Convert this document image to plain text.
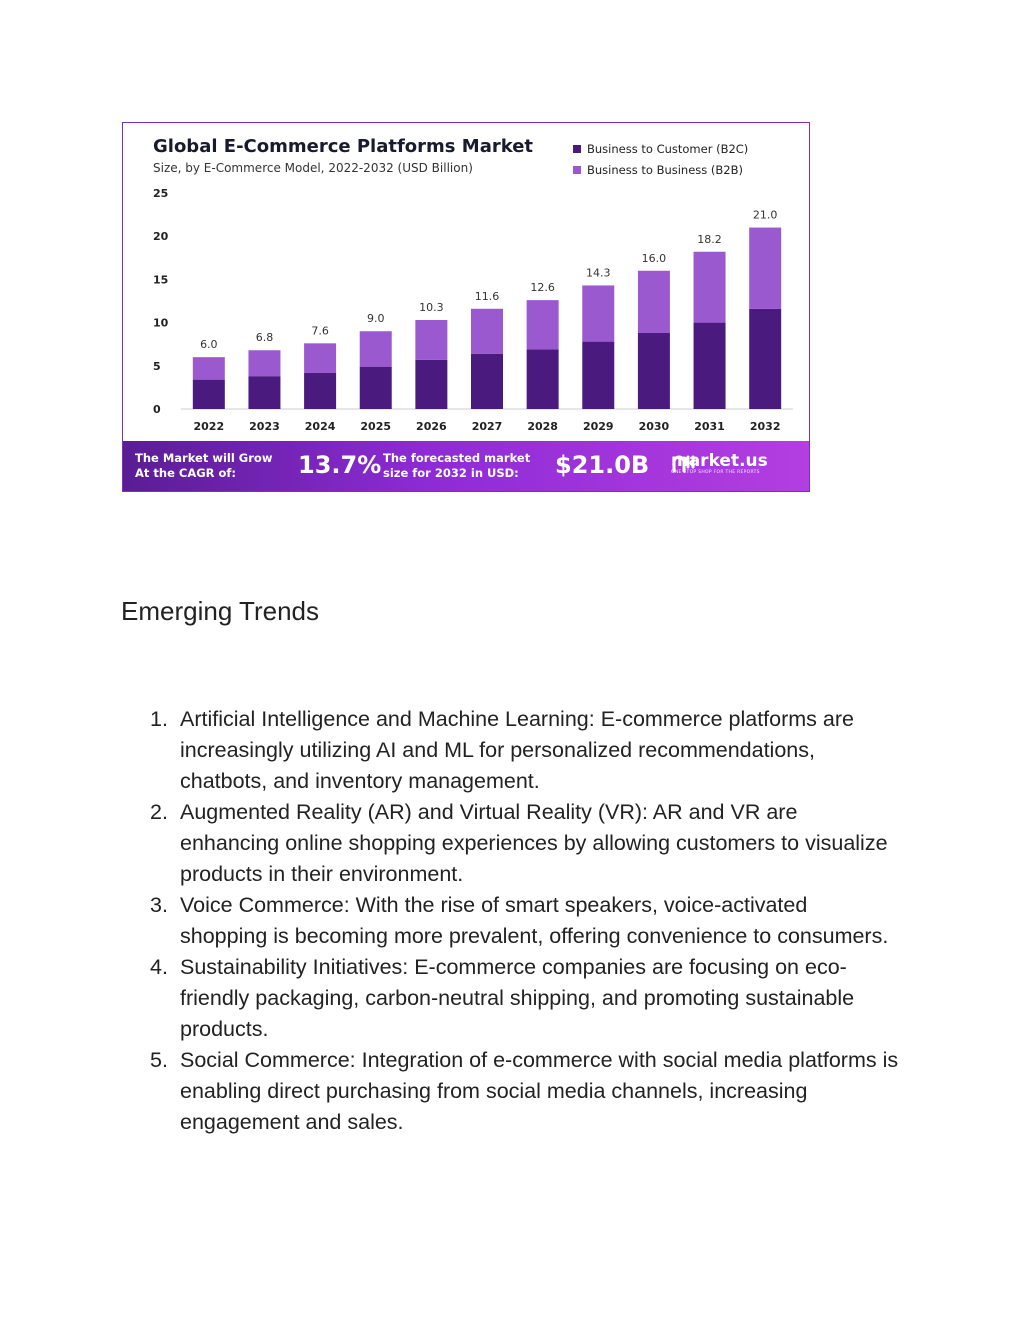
0
5
10
15
20
25
6.0
2022
6.8
2023
7.6
2024
9.0
2025
10.3
2026
11.6
2027
12.6
2028
14.3
2029
16.0
2030
18.2
2031
21.0
2032
Global E-Commerce Platforms Market
Size, by E-Commerce Model, 2022-2032 (USD Billion)
Business to Customer (B2C)
Business to Business (B2B)
The Market will Grow
At the CAGR of:	13.7% The forecasted market
size for 2032 in USD:	$21.0B market.us
ONE STOP SHOP FOR THE REPORTS
Emerging Trends
1. Artificial Intelligence and Machine Learning: E-commerce platforms are increasingly utilizing AI and ML for personalized recommendations, chatbots, and inventory management.
2. Augmented Reality (AR) and Virtual Reality (VR): AR and VR are enhancing online shopping experiences by allowing customers to visualize products in their environment.
3. Voice Commerce: With the rise of smart speakers, voice-activated shopping is becoming more prevalent, offering convenience to consumers.
4. Sustainability Initiatives: E-commerce companies are focusing on eco-friendly packaging, carbon-neutral shipping, and promoting sustainable products.
5. Social Commerce: Integration of e-commerce with social media platforms is enabling direct purchasing from social media channels, increasing engagement and sales.
